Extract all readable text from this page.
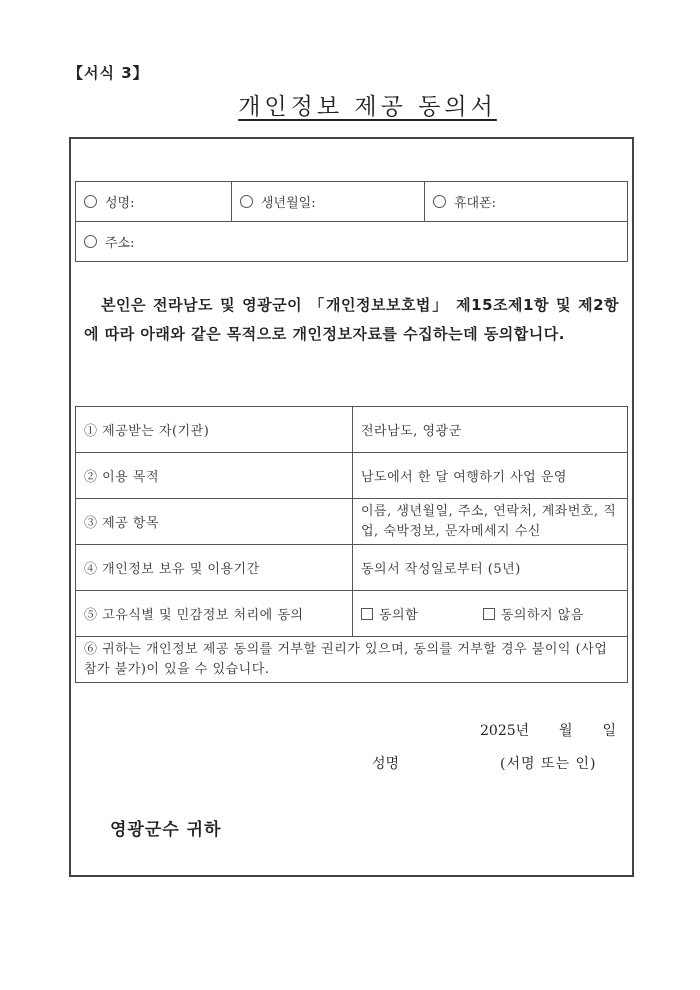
【서식 3】
개인정보 제공 동의서
성명:	생년월일:	휴대폰:
주소:
본인은 전라남도 및 영광군이 「개인정보보호법」 제15조제1항 및 제2항에 따라 아래와 같은 목적으로 개인정보자료를 수집하는데 동의합니다.
① 제공받는 자(기관)	전라남도, 영광군
② 이용 목적	남도에서 한 달 여행하기 사업 운영
③ 제공 항목	이름, 생년월일, 주소, 연락처, 계좌번호, 직업, 숙박정보, 문자메세지 수신
④ 개인정보 보유 및 이용기간	동의서 작성일로부터 (5년)
⑤ 고유식별 및 민감정보 처리에 동의	동의함 동의하지 않음
⑥ 귀하는 개인정보 제공 동의를 거부할 권리가 있으며, 동의를 거부할 경우 불이익 (사업 참가 불가)이 있을 수 있습니다.	
2025년 월 일
성명	(서명 또는 인)
영광군수 귀하
